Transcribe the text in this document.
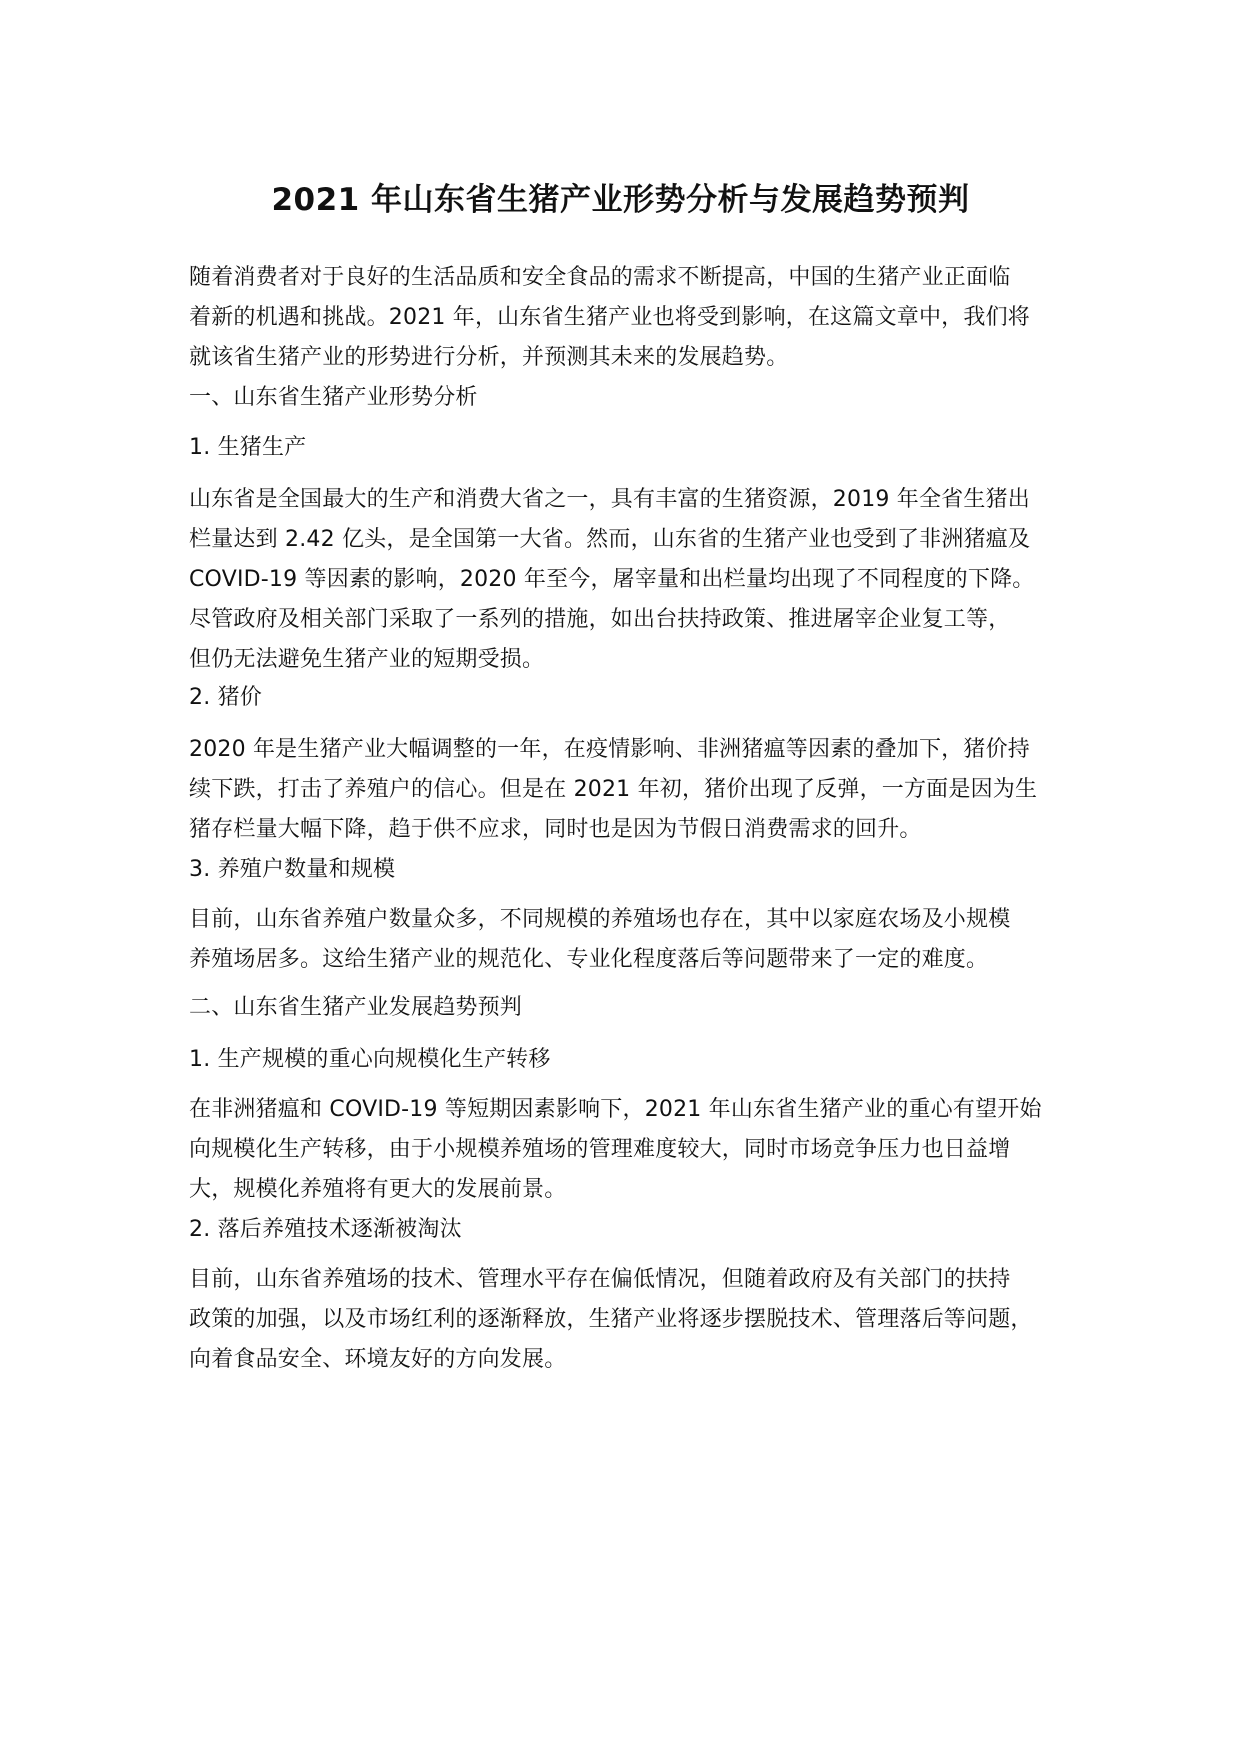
2021 年山东省生猪产业形势分析与发展趋势预判

随着消费者对于良好的生活品质和安全食品的需求不断提高，中国的生猪产业正面临
着新的机遇和挑战。2021 年，山东省生猪产业也将受到影响，在这篇文章中，我们将
就该省生猪产业的形势进行分析，并预测其未来的发展趋势。

一、山东省生猪产业形势分析

1. 生猪生产

山东省是全国最大的生产和消费大省之一，具有丰富的生猪资源，2019 年全省生猪出
栏量达到 2.42 亿头，是全国第一大省。然而，山东省的生猪产业也受到了非洲猪瘟及
COVID-19 等因素的影响，2020 年至今，屠宰量和出栏量均出现了不同程度的下降。
尽管政府及相关部门采取了一系列的措施，如出台扶持政策、推进屠宰企业复工等，
但仍无法避免生猪产业的短期受损。

2. 猪价

2020 年是生猪产业大幅调整的一年，在疫情影响、非洲猪瘟等因素的叠加下，猪价持
续下跌，打击了养殖户的信心。但是在 2021 年初，猪价出现了反弹，一方面是因为生
猪存栏量大幅下降，趋于供不应求，同时也是因为节假日消费需求的回升。

3. 养殖户数量和规模

目前，山东省养殖户数量众多，不同规模的养殖场也存在，其中以家庭农场及小规模
养殖场居多。这给生猪产业的规范化、专业化程度落后等问题带来了一定的难度。

二、山东省生猪产业发展趋势预判

1. 生产规模的重心向规模化生产转移

在非洲猪瘟和 COVID-19 等短期因素影响下，2021 年山东省生猪产业的重心有望开始
向规模化生产转移，由于小规模养殖场的管理难度较大，同时市场竞争压力也日益增
大，规模化养殖将有更大的发展前景。

2. 落后养殖技术逐渐被淘汰

目前，山东省养殖场的技术、管理水平存在偏低情况，但随着政府及有关部门的扶持
政策的加强，以及市场红利的逐渐释放，生猪产业将逐步摆脱技术、管理落后等问题，
向着食品安全、环境友好的方向发展。
